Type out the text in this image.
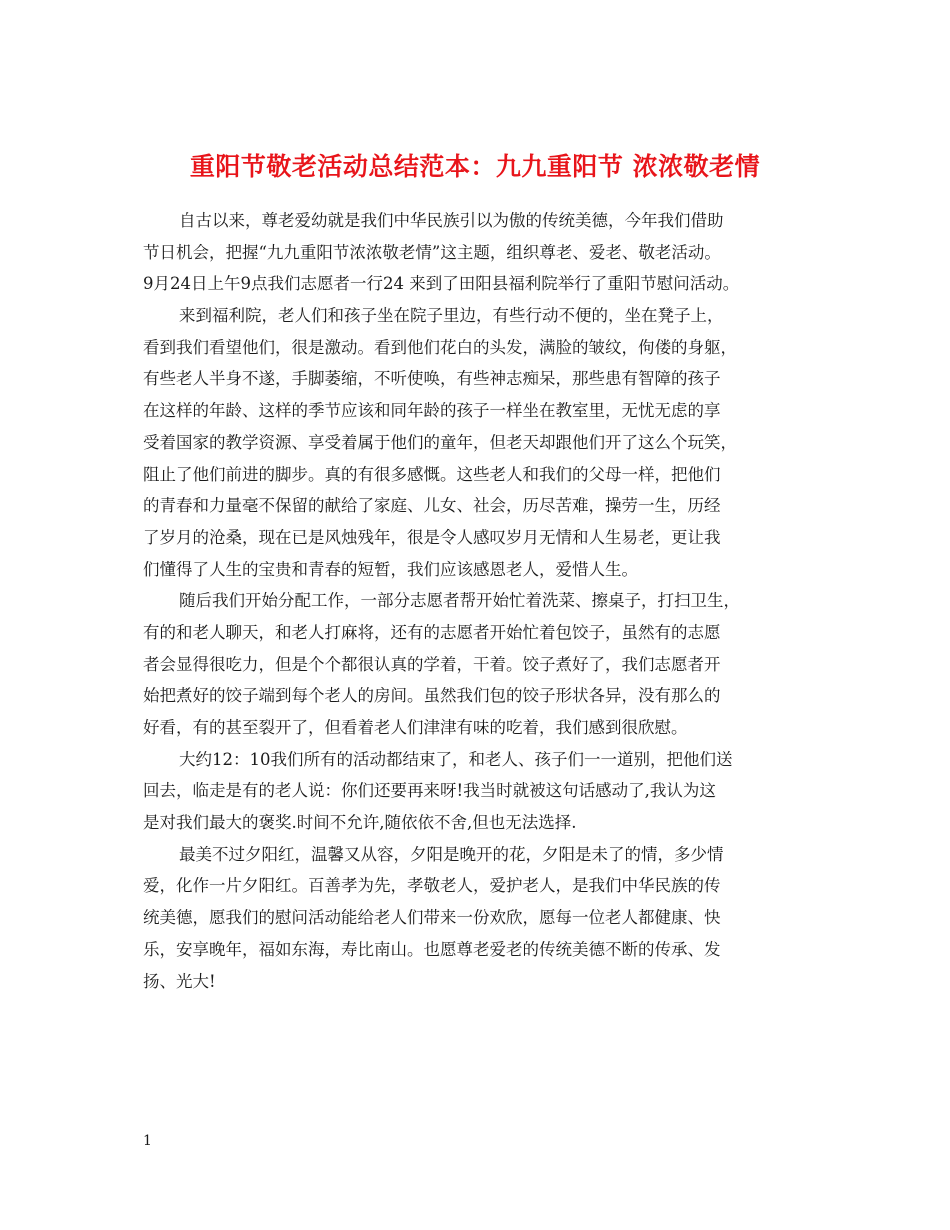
重阳节敬老活动总结范本：九九重阳节 浓浓敬老情

自古以来，尊老爱幼就是我们中华民族引以为傲的传统美德，今年我们借助
节日机会，把握“九九重阳节浓浓敬老情”这主题，组织尊老、爱老、敬老活动。
9月24日上午9点我们志愿者一行24 来到了田阳县福利院举行了重阳节慰问活动。

来到福利院，老人们和孩子坐在院子里边，有些行动不便的，坐在凳子上，
看到我们看望他们，很是激动。看到他们花白的头发，满脸的皱纹，佝偻的身躯，
有些老人半身不遂，手脚萎缩，不听使唤，有些神志痴呆，那些患有智障的孩子
在这样的年龄、这样的季节应该和同年龄的孩子一样坐在教室里，无忧无虑的享
受着国家的教学资源、享受着属于他们的童年，但老天却跟他们开了这么个玩笑，
阻止了他们前进的脚步。真的有很多感慨。这些老人和我们的父母一样，把他们
的青春和力量毫不保留的献给了家庭、儿女、社会，历尽苦难，操劳一生，历经
了岁月的沧桑，现在已是风烛残年，很是令人感叹岁月无情和人生易老，更让我
们懂得了人生的宝贵和青春的短暂，我们应该感恩老人，爱惜人生。

随后我们开始分配工作，一部分志愿者帮开始忙着洗菜、擦桌子，打扫卫生，
有的和老人聊天，和老人打麻将，还有的志愿者开始忙着包饺子，虽然有的志愿
者会显得很吃力，但是个个都很认真的学着，干着。饺子煮好了，我们志愿者开
始把煮好的饺子端到每个老人的房间。虽然我们包的饺子形状各异，没有那么的
好看，有的甚至裂开了，但看着老人们津津有味的吃着，我们感到很欣慰。

大约12：10我们所有的活动都结束了，和老人、孩子们一一道别，把他们送
回去，临走是有的老人说：你们还要再来呀!我当时就被这句话感动了,我认为这
是对我们最大的褒奖.时间不允许,随依依不舍,但也无法选择.

最美不过夕阳红，温馨又从容，夕阳是晚开的花，夕阳是未了的情，多少情
爱，化作一片夕阳红。百善孝为先，孝敬老人，爱护老人，是我们中华民族的传
统美德，愿我们的慰问活动能给老人们带来一份欢欣，愿每一位老人都健康、快
乐，安享晚年，福如东海，寿比南山。也愿尊老爱老的传统美德不断的传承、发
扬、光大!

1
